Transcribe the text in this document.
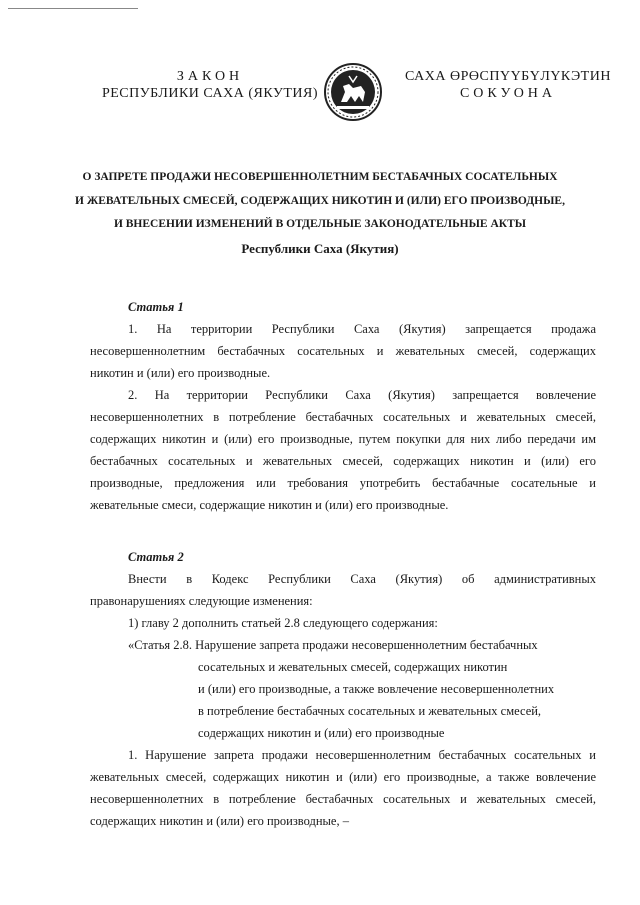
ЗАКОН
РЕСПУБЛИКИ САХА (ЯКУТИЯ)
САХА ӨРӨСПҮҮБҮЛҮКЭТИН
СОКУОНА
О ЗАПРЕТЕ ПРОДАЖИ НЕСОВЕРШЕННОЛЕТНИМ БЕСТАБАЧНЫХ СОСАТЕЛЬНЫХ
И ЖЕВАТЕЛЬНЫХ СМЕСЕЙ, СОДЕРЖАЩИХ НИКОТИН И (ИЛИ) ЕГО ПРОИЗВОДНЫЕ,
И ВНЕСЕНИИ ИЗМЕНЕНИЙ В ОТДЕЛЬНЫЕ ЗАКОНОДАТЕЛЬНЫЕ АКТЫ
Республики Саха (Якутия)

Статья 1

1.    На    территории    Республики    Саха    (Якутия)    запрещается    продажа

несовершеннолетним бестабачных сосательных и жевательных смесей, содержащих

никотин и (или) его производные.

2.    На    территории    Республики    Саха    (Якутия)    запрещается    вовлечение

несовершеннолетних в потребление бестабачных сосательных и жевательных смесей, содержащих никотин и (или) его производные, путем покупки для них либо передачи им бестабачных сосательных и жевательных смесей, содержащих никотин и (или) его производные, предложения или требования употребить бестабачные сосательные и жевательные смеси, содержащие никотин и (или) его производные.

Статья 2

Внести    в    Кодекс    Республики    Саха    (Якутия)    об    административных

правонарушениях следующие изменения:

1) главу 2 дополнить статьей 2.8 следующего содержания:

«Статья 2.8. Нарушение запрета продажи несовершеннолетним бестабачных

сосательных и жевательных смесей, содержащих никотин

и (или) его производные, а также вовлечение несовершеннолетних

в потребление бестабачных сосательных и жевательных смесей,

содержащих никотин и (или) его производные

1. Нарушение запрета продажи несовершеннолетним бестабачных сосательных и

жевательных смесей, содержащих никотин и (или) его производные, а также вовлечение несовершеннолетних в потребление бестабачных сосательных и жевательных смесей, содержащих никотин и (или) его производные, –
